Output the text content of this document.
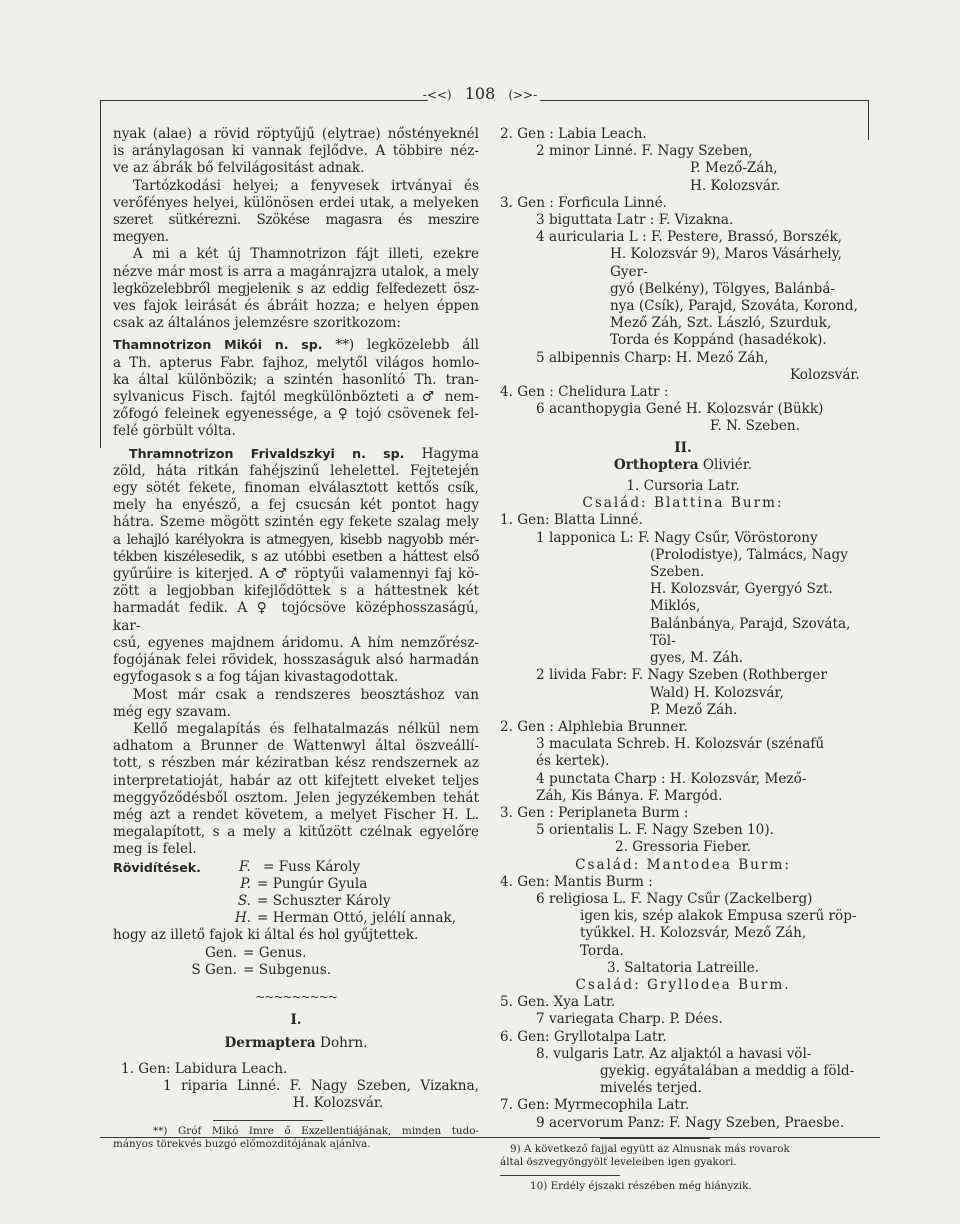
-<<) 108 (>>-

nyak (alae) a rövid röptyűjű (elytrae) nőstényeknél

is aránylagosan ki vannak fejlődve. A többire néz-

ve az ábrák bő felvilágositást adnak.

Tartózkodási helyei; a fenyvesek irtványai és

verőfényes helyei, különösen erdei utak, a melyeken

szeret sütkérezni. Szökése magasra és meszire megyen.

A mi a két új Thamnotrizon fájt illeti, ezekre

nézve már most is arra a magánrajzra utalok, a mely

legközelebbről megjelenik s az eddig felfedezett ösz-

ves fajok leirását és ábráit hozza; e helyen éppen

csak az általános jelemzésre szoritkozom:

Thamnotrizon Mikói n. sp. **) legközelebb áll

a Th. apterus Fabr. fajhoz, melytől világos homlo-

ka által különbözik; a szintén hasonlító Th. tran-

sylvanicus Fisch. fajtól megkülönbözteti a ♂ nem-

zőfogó feleinek egyenessége, a ♀ tojó csövenek fel-

felé görbült vólta.

Thramnotrizon Frivaldszkyi n. sp. Hagyma

zöld, háta ritkán fahéjszinű lehelettel. Fejtetején

egy sötét fekete, finoman elválasztott kettős csík,

mely ha enyésző, a fej csucsán két pontot hagy

hátra. Szeme mögött szintén egy fekete szalag mely

a lehajló karélyokra is atmegyen, kisebb nagyobb mér-

tékben kiszélesedik, s az utóbbi esetben a háttest első

gyűrűire is kiterjed. A ♂ röptyűi valamennyi faj kö-

zött a legjobban kifejlődöttek s a háttestnek két

harmadát fedik. A ♀ tojócsöve középhosszaságú, kar-

csú, egyenes majdnem áridomu. A hím nemzőrész-

fogójának felei rövidek, hosszaságuk alsó harmadán

egyfogasok s a fog tájan kivastagodottak.

Most már csak a rendszeres beosztáshoz van

még egy szavam.

Kellő megalapítás és felhatalmazás nélkül nem

adhatom a Brunner de Wattenwyl által öszveállí-

tott, s részben már kéziratban kész rendszernek az

interpretatioját, habár az ott kifejtett elveket teljes

meggyőződésből osztom. Jelen jegyzékemben tehát

még azt a rendet követem, a melyet Fischer H. L.

megalapított, s a mely a kitűzött czélnak egyelőre

meg is felel.

Rövidítések.	F. = Fuss Károly
P. = Pungúr Gyula
S. = Schuszter Károly
H. = Herman Ottó, jelélí annak,

hogy az illető fajok ki által és hol gyűjtettek.

Gen. = Genus.
S Gen. = Subgenus.

~~~~~~~~~

I.

Dermaptera Dohrn.

1. Gen: Labidura Leach.

1 riparia Linné. F. Nagy Szeben, Vizakna,

H. Kolozsvár.

**) Gróf Mikó Imre ő Exzellentiájának, minden tudo-

mányos törekvés buzgó előmozditójának ajánlva.

2. Gen : Labia Leach.

2 minor Linné. F. Nagy Szeben,

P. Mező-Záh,

H. Kolozsvár.

3. Gen : Forficula Linné.

3 biguttata Latr : F. Vizakna.

4 auricularia L : F. Pestere, Brassó, Borszék,

H. Kolozsvár 9), Maros Vásárhely, Gyer-

gyó (Belkény), Tölgyes, Balánbá-

nya (Csík), Parajd, Szováta, Korond,

Mező Záh, Szt. László, Szurduk,

Torda és Koppánd (hasadékok).

5 albipennis Charp: H. Mező Záh,

Kolozsvár.

4. Gen : Chelidura Latr :

6 acanthopygia Gené H. Kolozsvár (Bükk)

F. N. Szeben.

II.

Orthoptera Oliviér.

1. Cursoria Latr.

Család: Blattina Burm:

1. Gen: Blatta Linné.

1 lapponica L: F. Nagy Csűr, Vöröstorony

(Prolodistye), Talmács, Nagy Szeben.

H. Kolozsvár, Gyergyó Szt. Miklós,

Balánbánya, Parajd, Szováta, Töl-

gyes, M. Záh.

2 livida Fabr: F. Nagy Szeben (Rothberger

Wald) H. Kolozsvár,

P. Mező Záh.

2. Gen : Alphlebia Brunner.

3 maculata Schreb. H. Kolozsvár (szénafű

és kertek).

4 punctata Charp : H. Kolozsvár, Mező-

Záh, Kis Bánya. F. Margód.

3. Gen : Periplaneta Burm :

5 orientalis L. F. Nagy Szeben 10).

2. Gressoria Fieber.

Család: Mantodea Burm:

4. Gen: Mantis Burm :

6 religiosa L. F. Nagy Csűr (Zackelberg)

igen kis, szép alakok Empusa szerű röp-

tyűkkel. H. Kolozsvár, Mező Záh,

Torda.

3. Saltatoria Latreille.

Család: Gryllodea Burm.

5. Gen. Xya Latr.

7 variegata Charp. P. Dées.

6. Gen: Gryllotalpa Latr.

8. vulgaris Latr. Az aljaktól a havasi völ-

gyekig. egyátalában a meddig a föld-

mivelés terjed.

7. Gen: Myrmecophila Latr.

9 acervorum Panz: F. Nagy Szeben, Praesbe.

9) A következő fajjal együtt az Alnusnak más rovarok

által öszvegyöngyölt leveleiben igen gyakori.

10) Erdély éjszaki részében még hiányzik.
